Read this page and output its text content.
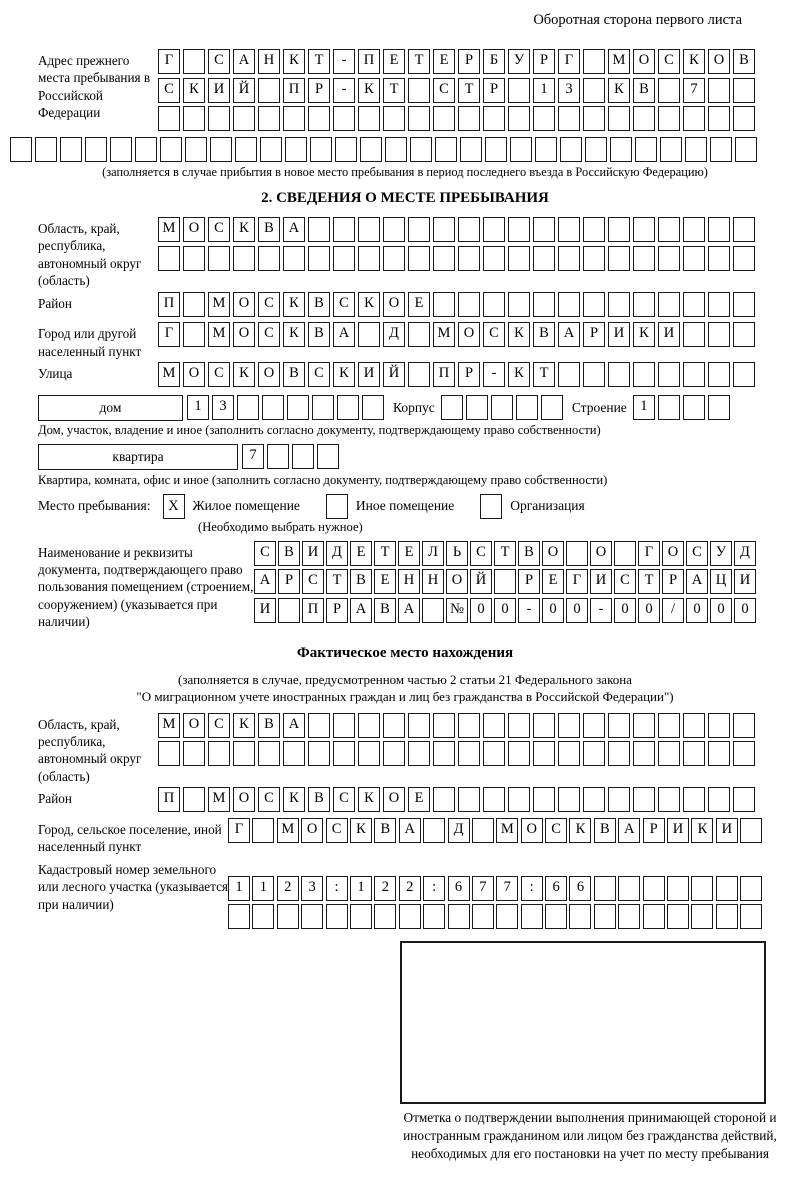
Оборотная сторона первого листа
Адрес прежнего места пребывания в Российской Федерации
Г	С А Н К Т - П Е Т Е Р Б У Р Г	М О С К О В
С К И Й	П Р - К Т	С Т Р	1 3	К В	7
(заполняется в случае прибытия в новое место пребывания в период последнего въезда в Российскую Федерацию)
2. СВЕДЕНИЯ О МЕСТЕ ПРЕБЫВАНИЯ
Область, край, республика, автономный округ (область)
М О С К В А
Район	П	М О С К В С К О Е
Город или другой населенный пункт
Г	М О С К В А	Д	М О С К В А Р И К И
Улица	М О С К О В С К И Й	П Р - К Т
дом	1 3	Корпус	Строение 1
Дом, участок, владение и иное (заполнить согласно документу, подтверждающему право собственности)
квартира	7
Квартира, комната, офис и иное (заполнить согласно документу, подтверждающему право собственности)
Место пребывания:	X	Жилое помещение	Иное помещение	Организация
(Необходимо выбрать нужное)
Наименование и реквизиты документа, подтверждающего право пользования помещением (строением, сооружением) (указывается при наличии)
С В И Д Е Т Е Л Ь С Т В О	О	Г О С У Д
А Р С Т В Е Н Н О Й	Р Е Г И С Т Р А Ц И
И	П Р А В А № 0 0 - 0 0 - 0 0 / 0 0 0
Фактическое место нахождения
(заполняется в случае, предусмотренном частью 2 статьи 21 Федерального закона
"О миграционном учете иностранных граждан и лиц без гражданства в Российской Федерации")
Область, край, республика, автономный округ (область)
М О С К В А
Район	П	М О С К В С К О Е
Город, сельское поселение, иной населенный пункт
Г	М О С К В А	Д	М О С К В А Р И К И
Кадастровый номер земельного или лесного участка (указывается при наличии)
1 1 2 3 : 1 2 2 : 6 7 7 : 6 6
Отметка о подтверждении выполнения принимающей стороной и иностранным гражданином или лицом без гражданства действий, необходимых для его постановки на учет по месту пребывания
